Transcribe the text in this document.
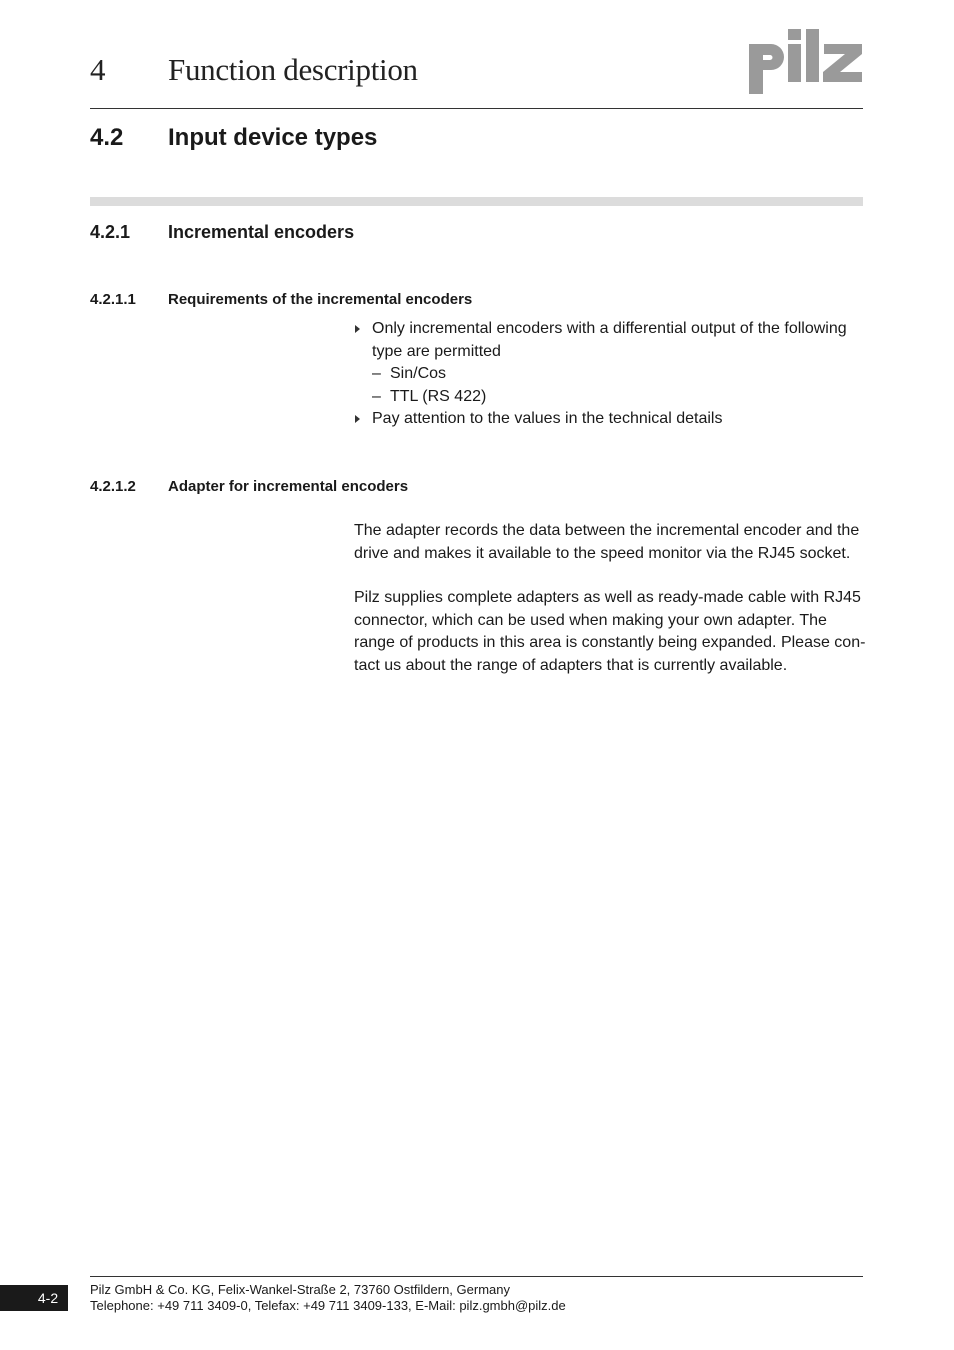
4 Function description
4.2 Input device types
4.2.1 Incremental encoders
4.2.1.1 Requirements of the incremental encoders
Only incremental encoders with a differential output of the following
type are permitted
– Sin/Cos
– TTL (RS 422)
Pay attention to the values in the technical details
4.2.1.2 Adapter for incremental encoders
The adapter records the data between the incremental encoder and the
drive and makes it available to the speed monitor via the RJ45 socket.
Pilz supplies complete adapters as well as ready-made cable with RJ45
connector, which can be used when making your own adapter. The
range of products in this area is constantly being expanded. Please con-
tact us about the range of adapters that is currently available.
4-2
Pilz GmbH & Co. KG, Felix-Wankel-Straße 2, 73760 Ostfildern, Germany
Telephone: +49 711 3409-0, Telefax: +49 711 3409-133, E-Mail: pilz.gmbh@pilz.de
